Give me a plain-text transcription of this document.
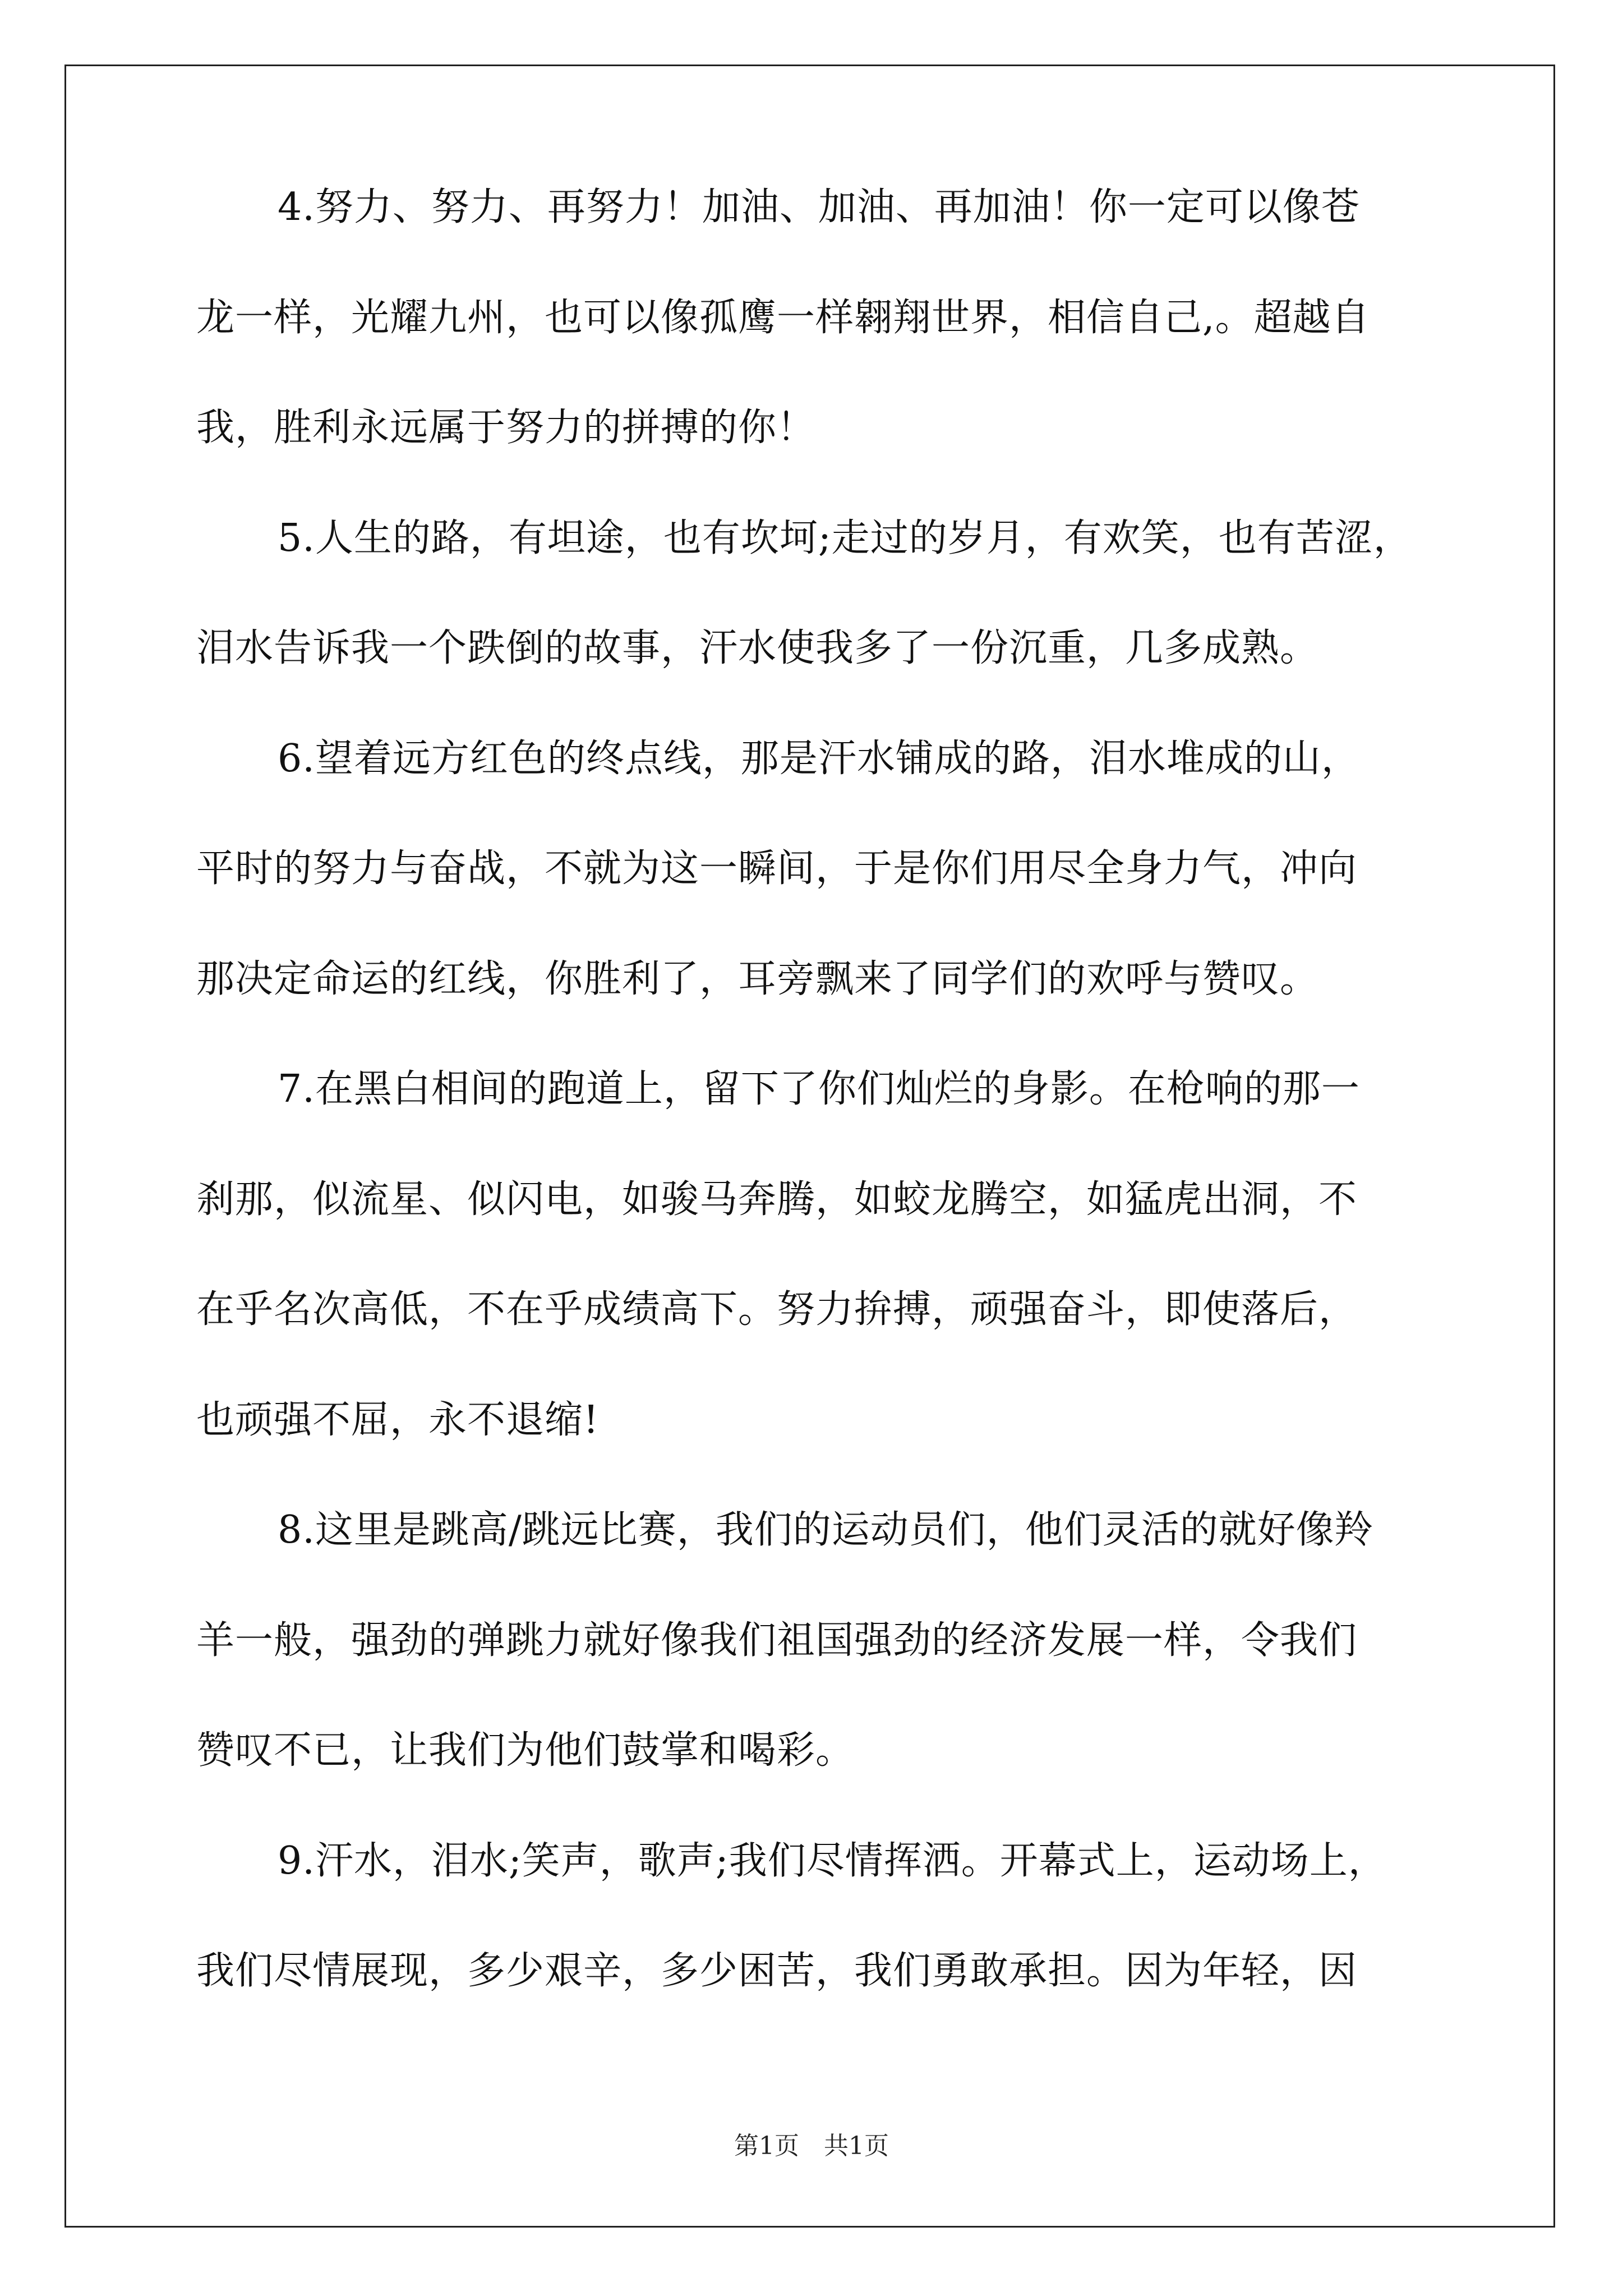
4.努力、努力、再努力！加油、加油、再加油！你一定可以像苍
龙一样，光耀九州，也可以像孤鹰一样翱翔世界，相信自己,。超越自
我，胜利永远属于努力的拼搏的你！
5.人生的路，有坦途，也有坎坷;走过的岁月，有欢笑，也有苦涩，
泪水告诉我一个跌倒的故事，汗水使我多了一份沉重，几多成熟。
6.望着远方红色的终点线，那是汗水铺成的路，泪水堆成的山，
平时的努力与奋战，不就为这一瞬间，于是你们用尽全身力气，冲向
那决定命运的红线，你胜利了，耳旁飘来了同学们的欢呼与赞叹。
7.在黑白相间的跑道上，留下了你们灿烂的身影。在枪响的那一
刹那，似流星、似闪电，如骏马奔腾，如蛟龙腾空，如猛虎出洞，不
在乎名次高低，不在乎成绩高下。努力拚搏，顽强奋斗，即使落后，
也顽强不屈，永不退缩!
8.这里是跳高/跳远比赛，我们的运动员们，他们灵活的就好像羚
羊一般，强劲的弹跳力就好像我们祖国强劲的经济发展一样，令我们
赞叹不已，让我们为他们鼓掌和喝彩。
9.汗水，泪水;笑声，歌声;我们尽情挥洒。开幕式上，运动场上，
我们尽情展现，多少艰辛，多少困苦，我们勇敢承担。因为年轻，因
第1页　共1页
